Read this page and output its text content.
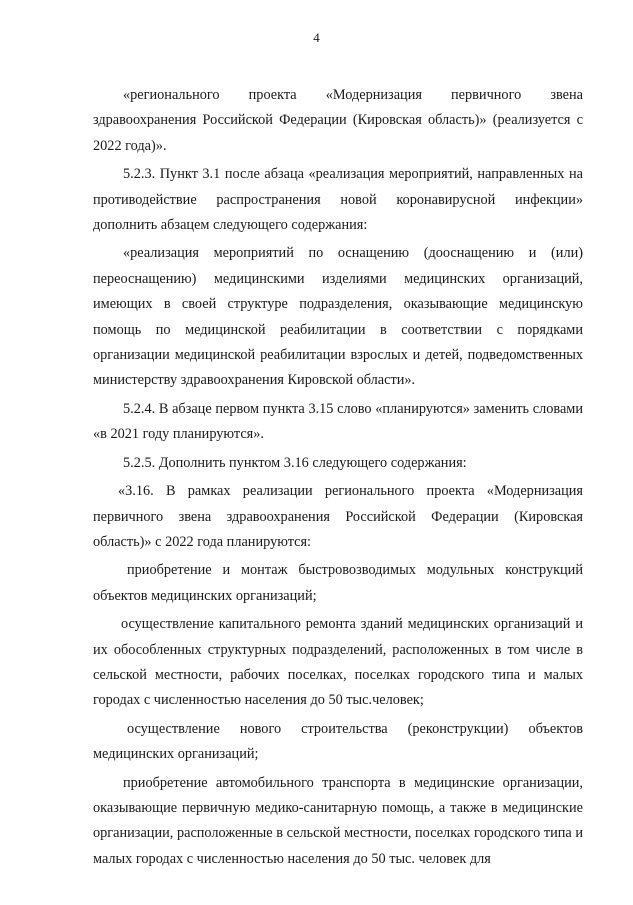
4

«регионального проекта «Модернизация первичного звена здравоохранения Российской Федерации (Кировская область)» (реализуется с 2022 года)».

5.2.3. Пункт 3.1 после абзаца «реализация мероприятий, направленных на противодействие распространения новой коронавирусной инфекции» дополнить абзацем следующего содержания:

«реализация мероприятий по оснащению (дооснащению и (или) переоснащению) медицинскими изделиями медицинских организаций, имеющих в своей структуре подразделения, оказывающие медицинскую помощь по медицинской реабилитации в соответствии с порядками организации медицинской реабилитации взрослых и детей, подведомственных министерству здравоохранения Кировской области».

5.2.4. В абзаце первом пункта 3.15 слово «планируются» заменить словами «в 2021 году планируются».

5.2.5. Дополнить пунктом 3.16 следующего содержания:

«3.16. В рамках реализации регионального проекта «Модернизация первичного звена здравоохранения Российской Федерации (Кировская область)» с 2022 года планируются:

приобретение и монтаж быстровозводимых модульных конструкций объектов медицинских организаций;

осуществление капитального ремонта зданий медицинских организаций и их обособленных структурных подразделений, расположенных в том числе в сельской местности, рабочих поселках, поселках городского типа и малых городах с численностью населения до 50 тыс.человек;

осуществление нового строительства (реконструкции) объектов медицинских организаций;

приобретение автомобильного транспорта в медицинские организации, оказывающие первичную медико-санитарную помощь, а также в медицинские организации, расположенные в сельской местности, поселках городского типа и малых городах с численностью населения до 50 тыс. человек для
